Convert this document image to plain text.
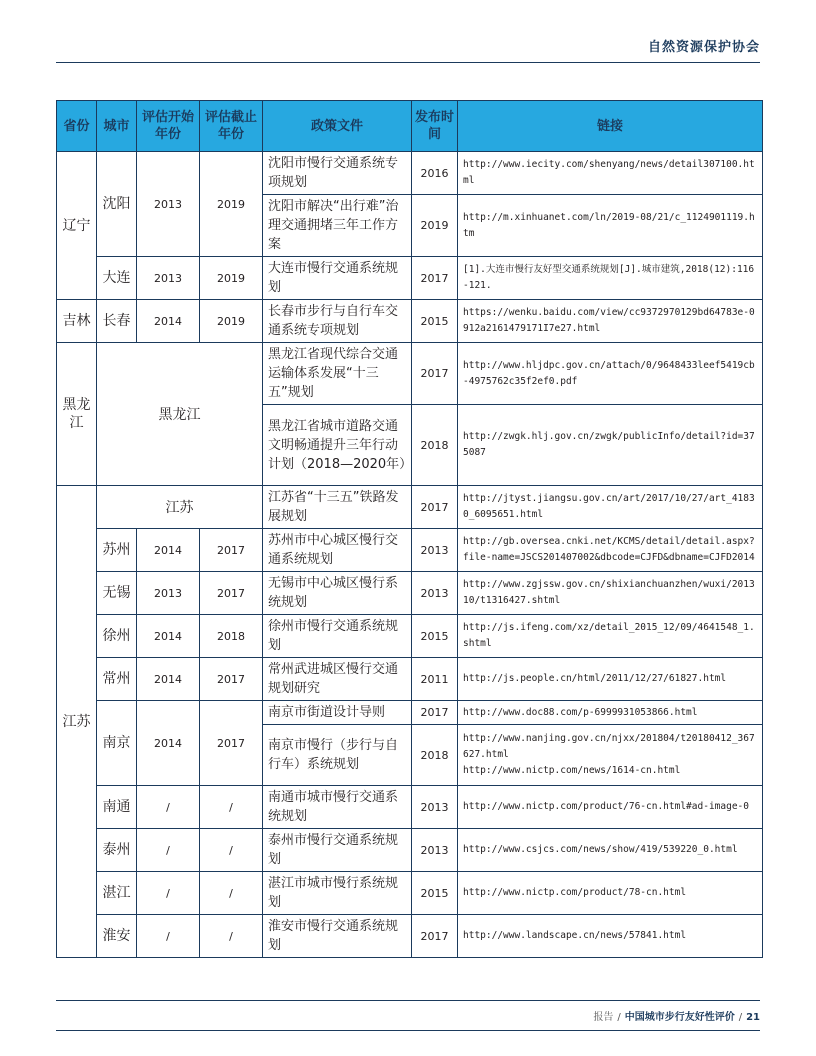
自然资源保护协会
省份	城市	评估开始年份	评估截止年份	政策文件	发布时间	链接
辽宁	沈阳	2013	2019	沈阳市慢行交通系统专项规划	2016	http://www.iecity.com/shenyang/news/detail307100.html

				沈阳市解决“出行难”治理交通拥堵三年工作方案	2019	http://m.xinhuanet.com/ln/2019-08/21/c_1124901119.htm

	大连	2013	2019	大连市慢行交通系统规划	2017	[1].大连市慢行友好型交通系统规划[J].城市建筑,2018(12):116-121.

吉林	长春	2014	2019	长春市步行与自行车交通系统专项规划	2015	https://wenku.baidu.com/view/cc9372970129bd64783e-0912a2161479171I7e27.html

黑龙江	黑龙江			黑龙江省现代综合交通运输体系发展“十三五”规划	2017	http://www.hljdpc.gov.cn/attach/0/9648433leef5419cb-4975762c35f2ef0.pdf

				黑龙江省城市道路交通文明畅通提升三年行动计划（2018—2020年）	2018	http://zwgk.hlj.gov.cn/zwgk/publicInfo/detail?id=375087

江苏	江苏			江苏省“十三五”铁路发展规划	2017	http://jtyst.jiangsu.gov.cn/art/2017/10/27/art_41830_6095651.html

	苏州	2014	2017	苏州市中心城区慢行交通系统规划	2013	http://gb.oversea.cnki.net/KCMS/detail/detail.aspx?file-name=JSCS201407002&dbcode=CJFD&dbname=CJFD2014

	无锡	2013	2017	无锡市中心城区慢行系统规划	2013	http://www.zgjssw.gov.cn/shixianchuanzhen/wuxi/201310/t1316427.shtml

	徐州	2014	2018	徐州市慢行交通系统规划	2015	http://js.ifeng.com/xz/detail_2015_12/09/4641548_1.shtml

	常州	2014	2017	常州武进城区慢行交通规划研究	2011	http://js.people.cn/html/2011/12/27/61827.html

	南京	2014	2017	南京市街道设计导则	2017	http://www.doc88.com/p-6999931053866.html

				南京市慢行（步行与自行车）系统规划	2018	http://www.nanjing.gov.cn/njxx/201804/t20180412_367627.html
http://www.nictp.com/news/1614-cn.html

	南通	/	/	南通市城市慢行交通系统规划	2013	http://www.nictp.com/product/76-cn.html#ad-image-0

	泰州	/	/	泰州市慢行交通系统规划	2013	http://www.csjcs.com/news/show/419/539220_0.html

	湛江	/	/	湛江市城市慢行系统规划	2015	http://www.nictp.com/product/78-cn.html

	淮安	/	/	淮安市慢行交通系统规划	2017	http://www.landscape.cn/news/57841.html
报告 / 中国城市步行友好性评价 / 21
